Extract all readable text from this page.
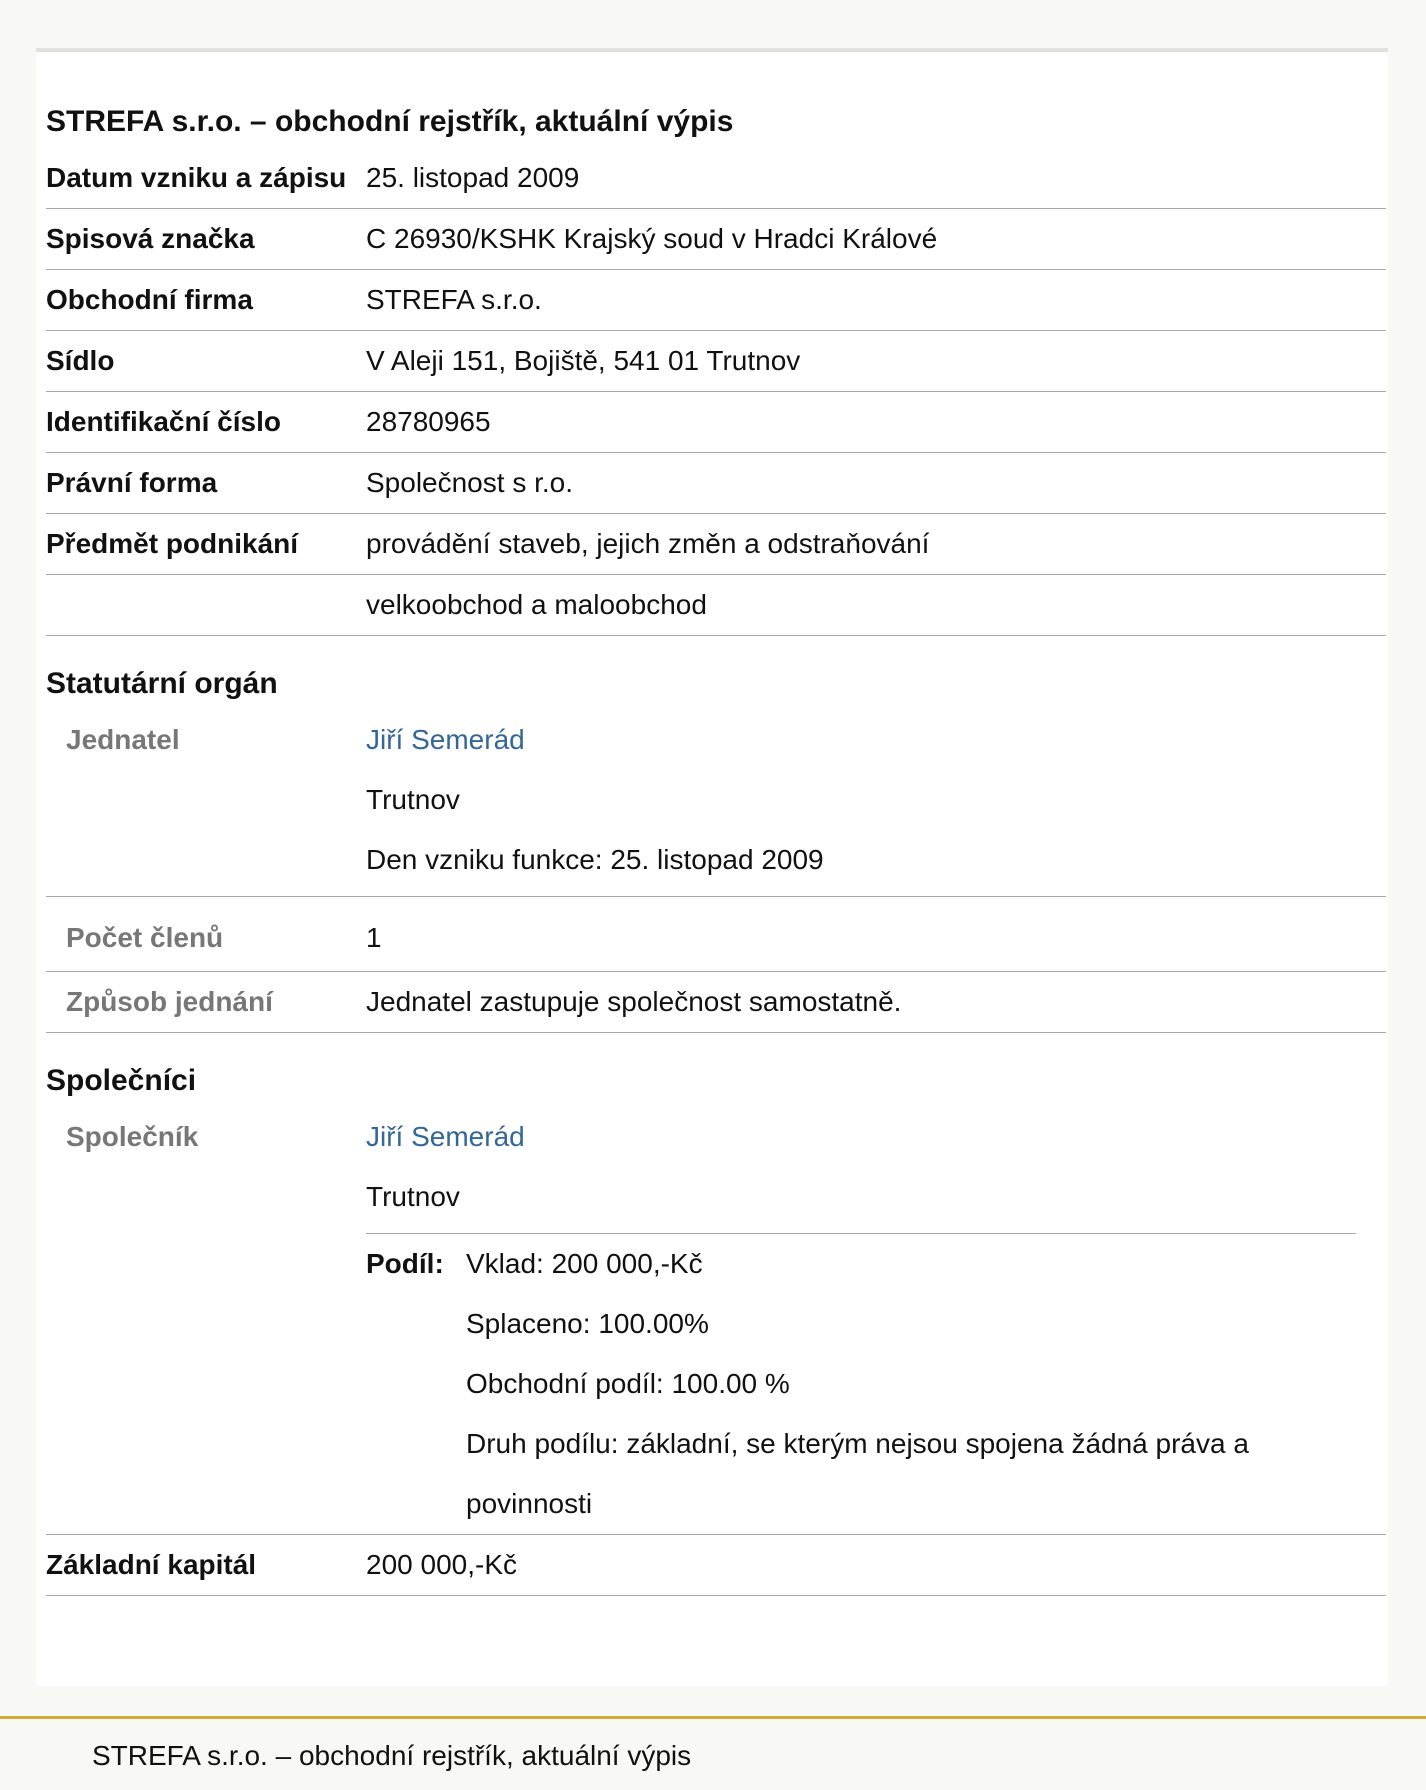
STREFA s.r.o. – obchodní rejstřík, aktuální výpis
Datum vzniku a zápisu 25. listopad 2009
Spisová značka	C 26930/KSHK Krajský soud v Hradci Králové
Obchodní firma	STREFA s.r.o.
Sídlo	V Aleji 151, Bojiště, 541 01 Trutnov
Identifikační číslo	28780965
Právní forma	Společnost s r.o.
Předmět podnikání	provádění staveb, jejich změn a odstraňování
velkoobchod a maloobchod
Statutární orgán
Jednatel	Jiří Semerád
Trutnov
Den vzniku funkce: 25. listopad 2009
Počet členů	1
Způsob jednání	Jednatel zastupuje společnost samostatně.
Společníci
Společník	Jiří Semerád
Trutnov
Podíl: Vklad: 200 000,-Kč
Splaceno: 100.00%
Obchodní podíl: 100.00 %
Druh podílu: základní, se kterým nejsou spojena žádná práva a povinnosti
Základní kapitál	200 000,-Kč
STREFA s.r.o. – obchodní rejstřík, aktuální výpis
